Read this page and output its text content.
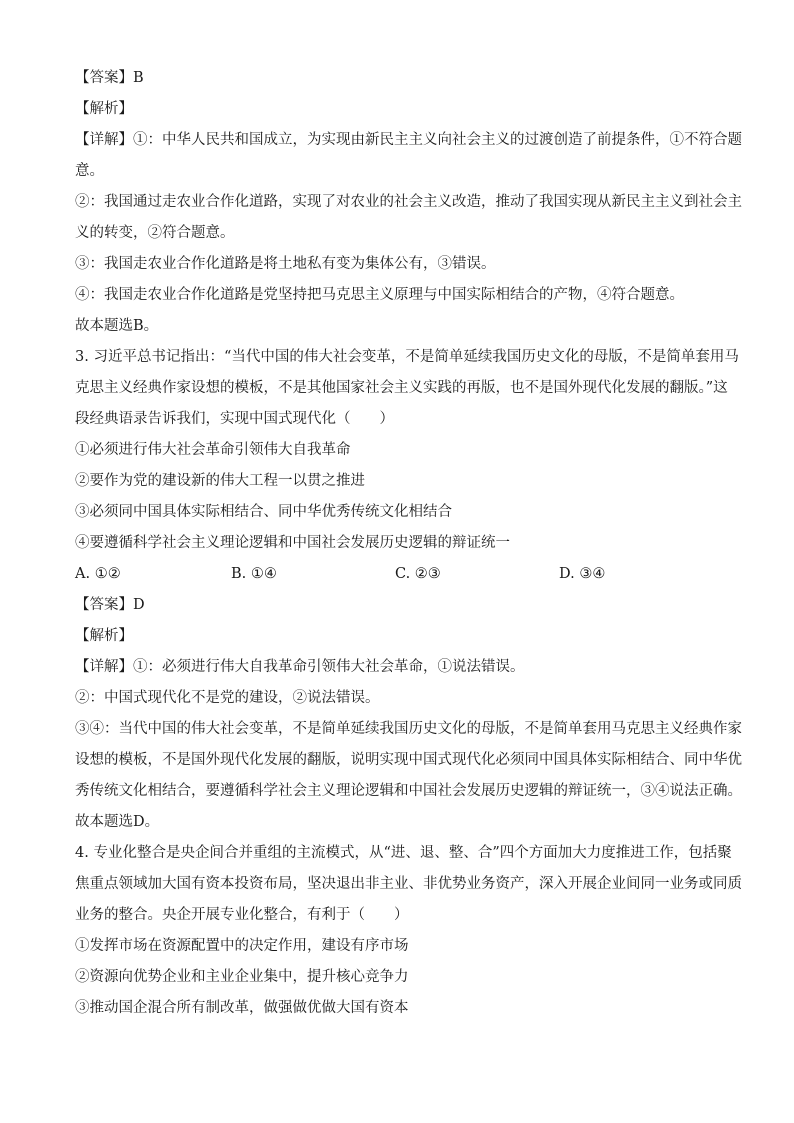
【答案】B

【解析】

【详解】①：中华人民共和国成立，为实现由新民主主义向社会主义的过渡创造了前提条件，①不符合题

意。

②：我国通过走农业合作化道路，实现了对农业的社会主义改造，推动了我国实现从新民主主义到社会主

义的转变，②符合题意。

③：我国走农业合作化道路是将土地私有变为集体公有，③错误。

④：我国走农业合作化道路是党坚持把马克思主义原理与中国实际相结合的产物，④符合题意。

故本题选B。

3. 习近平总书记指出：“当代中国的伟大社会变革，不是简单延续我国历史文化的母版，不是简单套用马

克思主义经典作家设想的模板，不是其他国家社会主义实践的再版，也不是国外现代化发展的翻版。”这

段经典语录告诉我们，实现中国式现代化（　　）

①必须进行伟大社会革命引领伟大自我革命

②要作为党的建设新的伟大工程一以贯之推进

③必须同中国具体实际相结合、同中华优秀传统文化相结合

④要遵循科学社会主义理论逻辑和中国社会发展历史逻辑的辩证统一

A. ①②	B. ①④	C. ②③	D. ③④

【答案】D

【解析】

【详解】①：必须进行伟大自我革命引领伟大社会革命，①说法错误。

②：中国式现代化不是党的建设，②说法错误。

③④：当代中国的伟大社会变革，不是简单延续我国历史文化的母版，不是简单套用马克思主义经典作家

设想的模板，不是国外现代化发展的翻版，说明实现中国式现代化必须同中国具体实际相结合、同中华优

秀传统文化相结合，要遵循科学社会主义理论逻辑和中国社会发展历史逻辑的辩证统一，③④说法正确。

故本题选D。

4. 专业化整合是央企间合并重组的主流模式，从“进、退、整、合”四个方面加大力度推进工作，包括聚

焦重点领域加大国有资本投资布局，坚决退出非主业、非优势业务资产，深入开展企业间同一业务或同质

业务的整合。央企开展专业化整合，有利于（　　）

①发挥市场在资源配置中的决定作用，建设有序市场

②资源向优势企业和主业企业集中，提升核心竞争力

③推动国企混合所有制改革，做强做优做大国有资本
